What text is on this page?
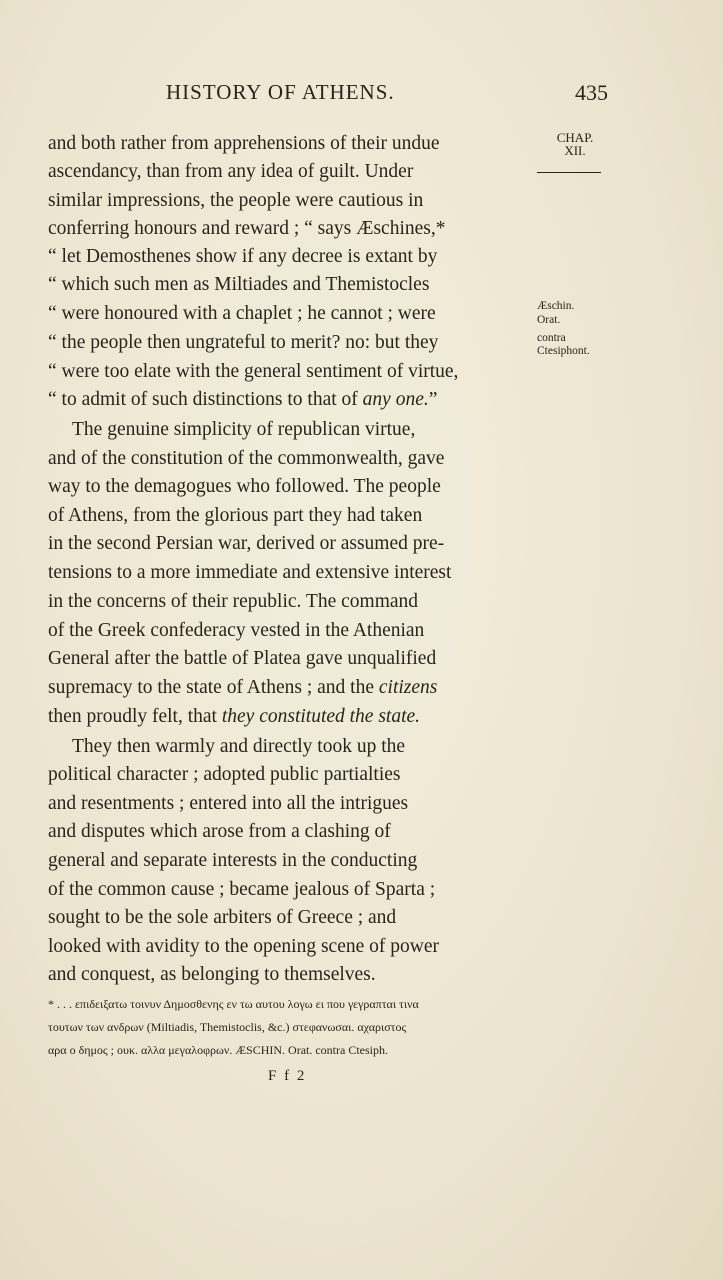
HISTORY OF ATHENS.	435
CHAP.
XII.
Æschin.
Orat.
contra
Ctesiphont.
and both rather from apprehensions of their undue
ascendancy, than from any idea of guilt. Under
similar impressions, the people were cautious in
conferring honours and reward ; “ says Æschines,*
“ let Demosthenes show if any decree is extant by
“ which such men as Miltiades and Themistocles
“ were honoured with a chaplet ; he cannot ; were
“ the people then ungrateful to merit? no: but they
“ were too elate with the general sentiment of virtue,
“ to admit of such distinctions to that of any one.”
The genuine simplicity of republican virtue,
and of the constitution of the commonwealth, gave
way to the demagogues who followed. The people
of Athens, from the glorious part they had taken
in the second Persian war, derived or assumed pre-
tensions to a more immediate and extensive interest
in the concerns of their republic. The command
of the Greek confederacy vested in the Athenian
General after the battle of Platea gave unqualified
supremacy to the state of Athens ; and the citizens
then proudly felt, that they constituted the state.
They then warmly and directly took up the
political character ; adopted public partialties
and resentments ; entered into all the intrigues
and disputes which arose from a clashing of
general and separate interests in the conducting
of the common cause ; became jealous of Sparta ;
sought to be the sole arbiters of Greece ; and
looked with avidity to the opening scene of power
and conquest, as belonging to themselves.
* . . . επιδειξατω τοινυν Δημοσθενης εν τω αυτου λογω ει που γεγραπται τινα
τουτων των ανδρων (Miltiadis, Themistoclis, &c.) στεφανωσαι. αχαριστος
αρα ο δημος ; ουκ. αλλα μεγαλοφρων. ÆSCHIN. Orat. contra Ctesiph.
F f 2
